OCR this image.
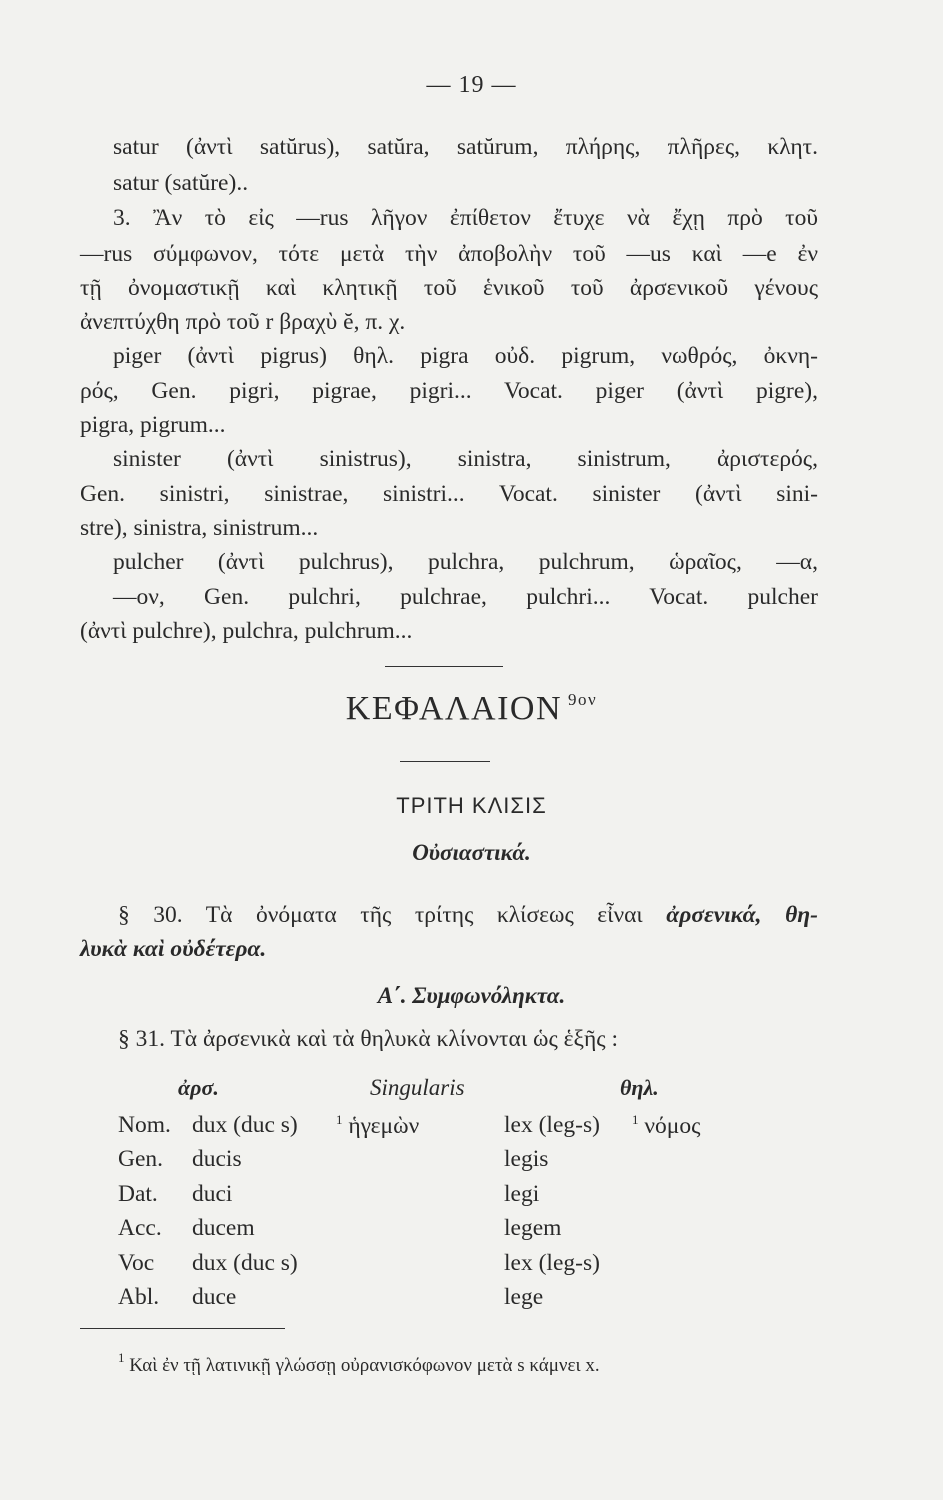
— 19 —
satur (ἀντὶ satŭrus), satŭra, satŭrum, πλήρης, πλῆρες, κλητ.
satur (satŭre)..
3. Ἂν τὸ εἰς —rus λῆγον ἐπίθετον ἔτυχε νὰ ἔχῃ πρὸ τοῦ
—rus σύμφωνον, τότε μετὰ τὴν ἀποβολὴν τοῦ —us καὶ —e ἐν
τῇ ὀνομαστικῇ καὶ κλητικῇ τοῦ ἑνικοῦ τοῦ ἀρσενικοῦ γένους
ἀνεπτύχθη πρὸ τοῦ r βραχὺ ĕ, π. χ.
piger (ἀντὶ pigrus) θηλ. pigra οὐδ. pigrum, νωθρός, ὀκνη-
ρός, Gen. pigri, pigrae, pigri... Vocat. piger (ἀντὶ pigre),
pigra, pigrum...
sinister (ἀντὶ sinistrus), sinistra, sinistrum, ἀριστερός,
Gen. sinistri, sinistrae, sinistri... Vocat. sinister (ἀντὶ sini-
stre), sinistra, sinistrum...
pulcher (ἀντὶ pulchrus), pulchra, pulchrum, ὡραῖος, —α,
—ον, Gen. pulchri, pulchrae, pulchri... Vocat. pulcher
(ἀντὶ pulchre), pulchra, pulchrum...
ΚΕΦΑΛΑΙΟΝ $^{9o\nu}$
ΤΡΙΤΗ ΚΛΙΣΙΣ
Οὐσιαστικά.
§ 30. Τὰ ὀνόματα τῆς τρίτης κλίσεως εἶναι ἀρσενικά, θη-
λυκὰ καὶ οὐδέτερα.
Α΄. Συμφωνόληκτα.
§ 31. Τὰ ἀρσενικὰ καὶ τὰ θηλυκὰ κλίνονται ὡς ἑξῆς :
ἀρσ.	Singularis	θηλ.
Nom. dux (duc s)	$^1$ ἡγεμὼν	lex (leg-s) $^1$ νόμος
Gen. ducis	legis
Dat. duci	legi
Acc. ducem	legem
Voc dux (duc s)	lex (leg-s)
Abl. duce	lege
$^1$ Καὶ ἐν τῇ λατινικῇ γλώσσῃ οὐρανισκόφωνον μετὰ s κάμνει x.
